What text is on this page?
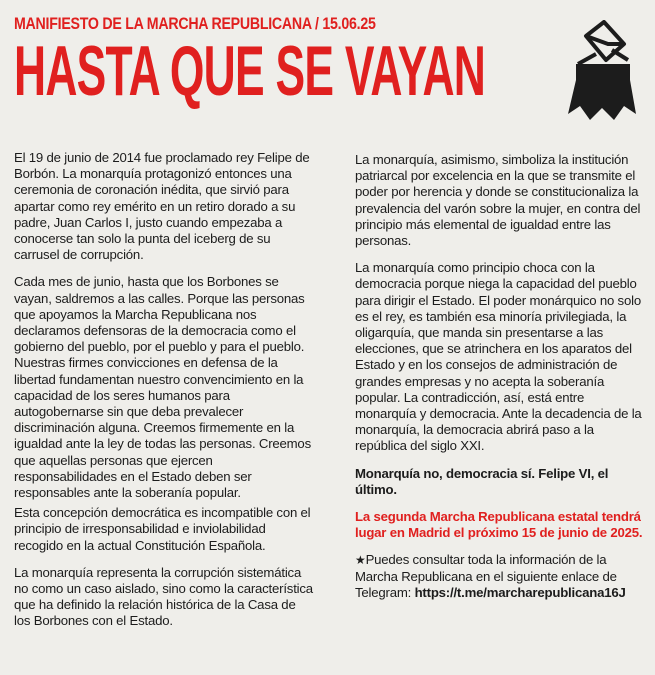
MANIFIESTO DE LA MARCHA REPUBLICANA / 15.06.25
HASTA QUE SE VAYAN

El 19 de junio de 2014 fue proclamado rey Felipe de Borbón. La monarquía protagonizó entonces una ceremonia de coronación inédita, que sirvió para apartar como rey emérito en un retiro dorado a su padre, Juan Carlos I, justo cuando empezaba a conocerse tan solo la punta del iceberg de su carrusel de corrupción.

Cada mes de junio, hasta que los Borbones se vayan, saldremos a las calles. Porque las personas que apoyamos la Marcha Republicana nos declaramos defensoras de la democracia como el gobierno del pueblo, por el pueblo y para el pueblo. Nuestras firmes convicciones en defensa de la libertad fundamentan nuestro convencimiento en la capacidad de los seres humanos para autogobernarse sin que deba prevalecer discriminación alguna. Creemos firmemente en la igualdad ante la ley de todas las personas. Creemos que aquellas personas que ejercen responsabilidades en el Estado deben ser responsables ante la soberanía popular.

Esta concepción democrática es incompatible con el principio de irresponsabilidad e inviolabilidad recogido en la actual Constitución Española.

La monarquía representa la corrupción sistemática no como un caso aislado, sino como la característica que ha definido la relación histórica de la Casa de los Borbones con el Estado.

La monarquía, asimismo, simboliza la institución patriarcal por excelencia en la que se transmite el poder por herencia y donde se constitucionaliza la prevalencia del varón sobre la mujer, en contra del principio más elemental de igualdad entre las personas.

La monarquía como principio choca con la democracia porque niega la capacidad del pueblo para dirigir el Estado. El poder monárquico no solo es el rey, es también esa minoría privilegiada, la oligarquía, que manda sin presentarse a las elecciones, que se atrinchera en los aparatos del Estado y en los consejos de administración de grandes empresas y no acepta la soberanía popular. La contradicción, así, está entre monarquía y democracia. Ante la decadencia de la monarquía, la democracia abrirá paso a la república del siglo XXI.

Monarquía no, democracia sí. Felipe VI, el último.

La segunda Marcha Republicana estatal tendrá lugar en Madrid el próximo 15 de junio de 2025.

★Puedes consultar toda la información de la Marcha Republicana en el siguiente enlace de Telegram: https://t.me/marcharepublicana16J
